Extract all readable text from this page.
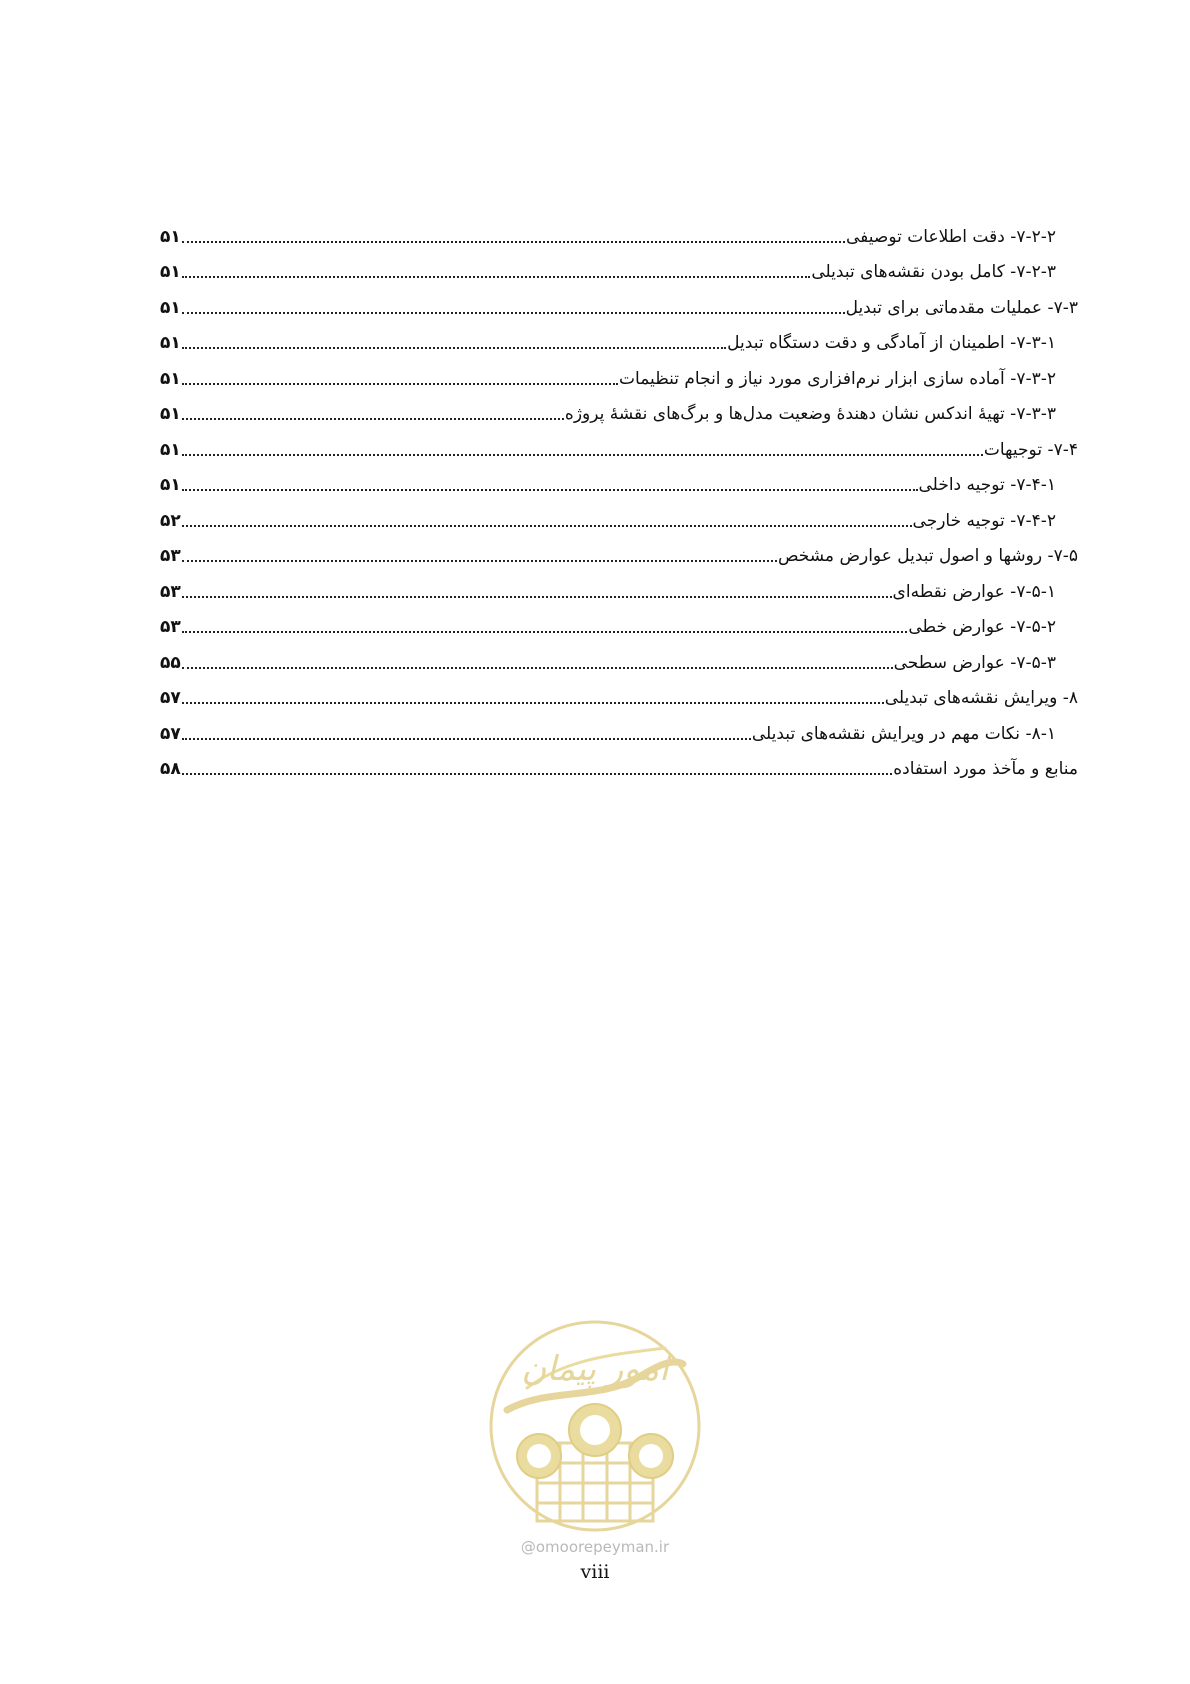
۷-۲-۲- دقت اطلاعات توصیفی
۵۱
۷-۲-۳- کامل بودن نقشه‌های تبدیلی
۵۱
۷-۳- عملیات مقدماتی برای تبدیل
۵۱
۷-۳-۱- اطمینان از آمادگی و دقت دستگاه تبدیل
۵۱
۷-۳-۲- آماده سازی ابزار نرم‌افزاری مورد نیاز و انجام تنظیمات
۵۱
۷-۳-۳- تهیهٔ اندکس نشان دهندهٔ وضعیت مدل‌ها و برگ‌های نقشهٔ پروژه
۵۱
۷-۴- توجیهات
۵۱
۷-۴-۱- توجیه داخلی
۵۱
۷-۴-۲- توجیه خارجی
۵۲
۷-۵- روشها و اصول تبدیل عوارض مشخص
۵۳
۷-۵-۱- عوارض نقطه‌ای
۵۳
۷-۵-۲- عوارض خطی
۵۳
۷-۵-۳- عوارض سطحی
۵۵
۸- ویرایش نقشه‌های تبدیلی
۵۷
۸-۱- نکات مهم در ویرایش نقشه‌های تبدیلی
۵۷
منابع و مآخذ مورد استفاده
۵۸
امور پیمان
@omoorepeyman.ir
viii
